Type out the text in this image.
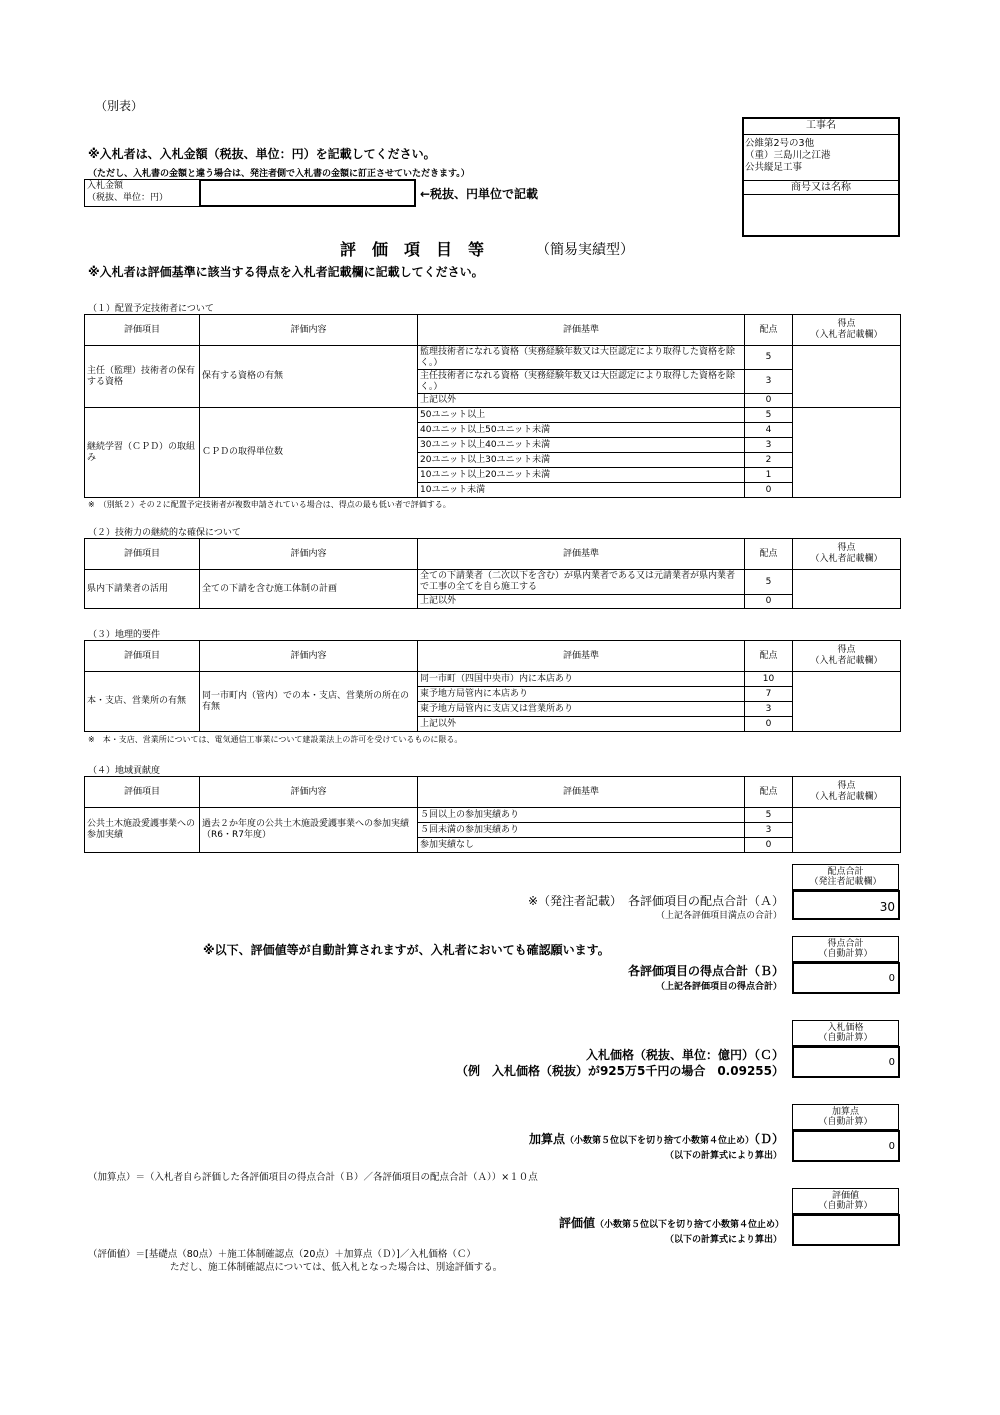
（別表）
※入札者は、入札金額（税抜、単位：円）を記載してください。
（ただし、入札書の金額と違う場合は、発注者側で入札書の金額に訂正させていただきます。）
入札金額
（税抜、単位：円）	←税抜、円単位で記載
工事名
公維第2号の3他
（重）三島川之江港
公共縦足工事
商号又は名称
評　価　項　目　等	（簡易実績型）
※入札者は評価基準に該当する得点を入札者記載欄に記載してください。
（１）配置予定技術者について
評価項目	評価内容	評価基準	配点	得点
（入札者記載欄）

主任（監理）技術者の保有する資格	保有する資格の有無	監理技術者になれる資格（実務経験年数又は大臣認定により取得した資格を除く。）	5	
		主任技術者になれる資格（実務経験年数又は大臣認定により取得した資格を除く。）	3	
		上記以外	0	
継続学習（ＣＰＤ）の取組み	ＣＰＤの取得単位数	50ユニット以上	5	
		40ユニット以上50ユニット未満	4	
		30ユニット以上40ユニット未満	3	
		20ユニット以上30ユニット未満	2	
		10ユニット以上20ユニット未満	1	
		10ユニット未満	0	
※　（別紙２）その２に配置予定技術者が複数申請されている場合は、得点の最も低い者で評価する。
（２）技術力の継続的な確保について
評価項目	評価内容	評価基準	配点	得点
（入札者記載欄）

県内下請業者の活用	全ての下請を含む施工体制の計画	全ての下請業者（二次以下を含む）が県内業者である又は元請業者が県内業者で工事の全てを自ら施工する	5	
		上記以外	0	
（３）地理的要件
評価項目	評価内容	評価基準	配点	得点
（入札者記載欄）

本・支店、営業所の有無	同一市町内（管内）での本・支店、営業所の所在の有無	同一市町（四国中央市）内に本店あり	10	
		東予地方局管内に本店あり	7	
		東予地方局管内に支店又は営業所あり	3	
		上記以外	0	
※　本・支店、営業所については、電気通信工事業について建設業法上の許可を受けているものに限る。
（４）地域貢献度
評価項目	評価内容	評価基準	配点	得点
（入札者記載欄）

公共土木施設愛護事業への参加実績	過去２か年度の公共土木施設愛護事業への参加実績（R6・R7年度）	５回以上の参加実績あり	5	
		５回未満の参加実績あり	3	
		参加実績なし	0	
配点合計
（発注者記載欄）
30
※（発注者記載）　各評価項目の配点合計（Ａ）
（上記各評価項目満点の合計）
※以下、評価値等が自動計算されますが、入札者においても確認願います。	得点合計
（自動計算）
0
各評価項目の得点合計（Ｂ）
（上記各評価項目の得点合計）
入札価格
（自動計算）
0
入札価格（税抜、単位：億円）（Ｃ）
（例　入札価格（税抜）が925万5千円の場合　0.09255）
加算点
（自動計算）
0
加算点（小数第５位以下を切り捨て小数第４位止め）（Ｄ）
（以下の計算式により算出）
（加算点）＝（入札者自ら評価した各評価項目の得点合計（Ｂ）／各評価項目の配点合計（Ａ））×１０点
評価値
（自動計算）
評価値（小数第５位以下を切り捨て小数第４位止め）
（以下の計算式により算出）
（評価値）＝[基礎点（80点）＋施工体制確認点（20点）＋加算点（Ｄ）]／入札価格（Ｃ）
ただし、施工体制確認点については、低入札となった場合は、別途評価する。
